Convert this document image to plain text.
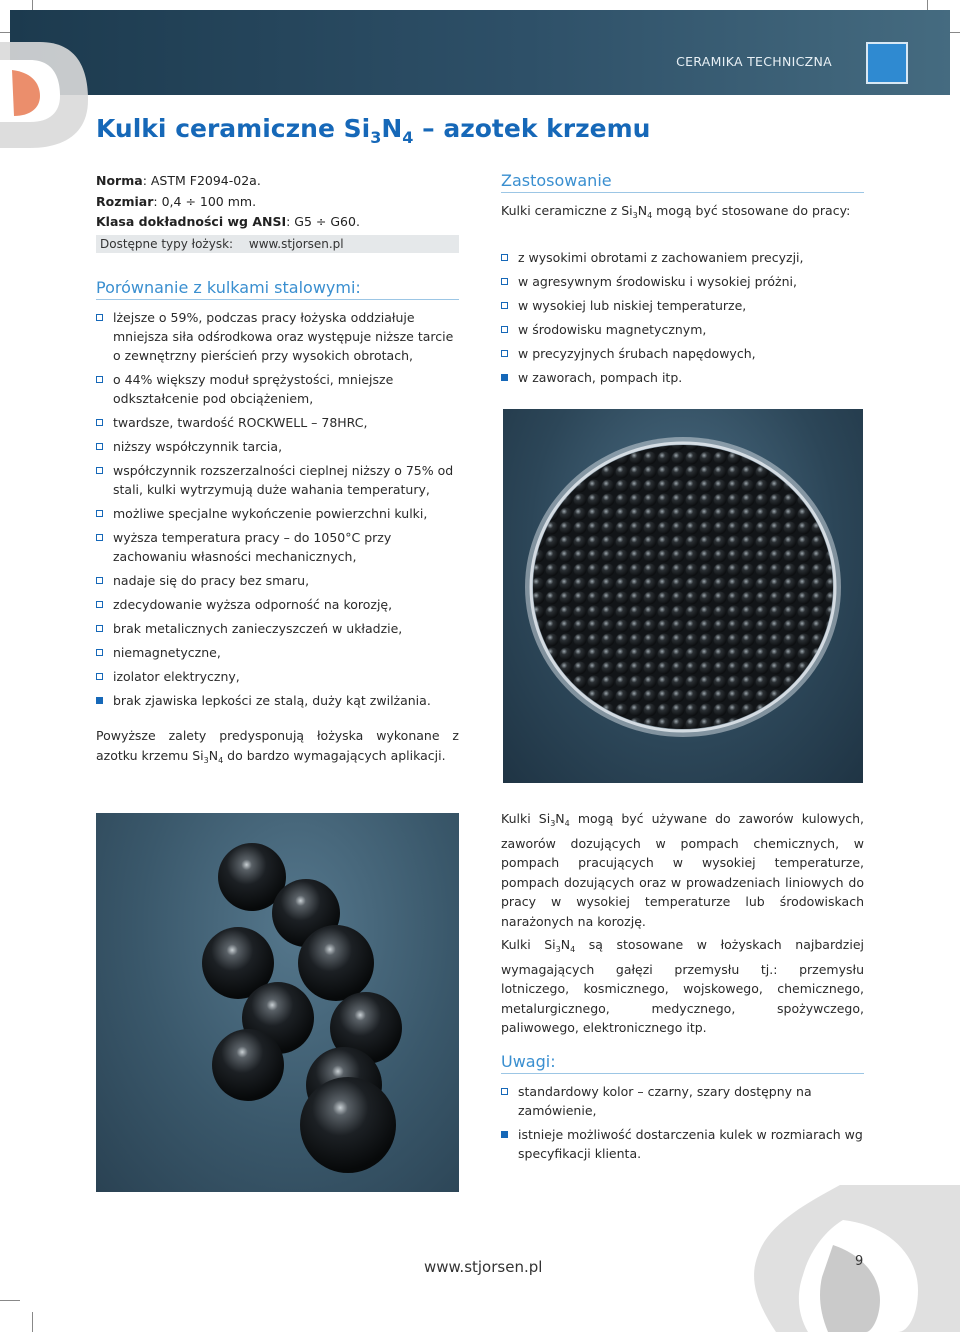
CERAMIKA TECHNICZNA
Kulki ceramiczne $Si_3N_4$ – azotek krzemu
Norma: ASTM F2094-02a.
Rozmiar: 0,4 ÷ 100 mm.
Klasa dokładności wg ANSI: G5 ÷ G60.
Dostępne typy łożysk: www.stjorsen.pl
Porównanie z kulkami stalowymi:
lżejsze o 59%, podczas pracy łożyska oddziałuje mniejsza siła odśrodkowa oraz występuje niższe tarcie o zewnętrzny pierścień przy wysokich obrotach,
o 44% większy moduł sprężystości, mniejsze odkształcenie pod obciążeniem,
twardsze, twardość ROCKWELL – 78HRC,
niższy współczynnik tarcia,
współczynnik rozszerzalności cieplnej niższy o 75% od stali, kulki wytrzymują duże wahania temperatury,
możliwe specjalne wykończenie powierzchni kulki,
wyższa temperatura pracy – do 1050°C przy zachowaniu własności mechanicznych,
nadaje się do pracy bez smaru,
zdecydowanie wyższa odporność na korozję,
brak metalicznych zanieczyszczeń w układzie,
niemagnetyczne,
izolator elektryczny,
brak zjawiska lepkości ze stalą, duży kąt zwilżania.

Powyższe zalety predysponują łożyska wykonane z azotku krzemu $Si_3N_4$ do bardzo wymagających aplikacji.

Zastosowanie

Kulki ceramiczne z $Si_3N_4$ mogą być stosowane do pracy:

z wysokimi obrotami z zachowaniem precyzji,
w agresywnym środowisku i wysokiej próżni,
w wysokiej lub niskiej temperaturze,
w środowisku magnetycznym,
w precyzyjnych śrubach napędowych,
w zaworach, pompach itp.

Kulki $Si_3N_4$ mogą być używane do zaworów kulowych, zaworów dozujących w pompach chemicznych, w pompach pracujących w wysokiej temperaturze, pompach dozujących oraz w prowadzeniach liniowych do pracy w wysokiej temperaturze lub środowiskach narażonych na korozję.

Kulki $Si_3N_4$ są stosowane w łożyskach najbardziej wymagających gałęzi przemysłu tj.: przemysłu lotniczego, kosmicznego, wojskowego, chemicznego, metalurgicznego, medycznego, spożywczego, paliwowego, elektronicznego itp.

Uwagi:
standardowy kolor – czarny, szary dostępny na zamówienie,
istnieje możliwość dostarczenia kulek w rozmiarach wg specyfikacji klienta.
www.stjorsen.pl	9
